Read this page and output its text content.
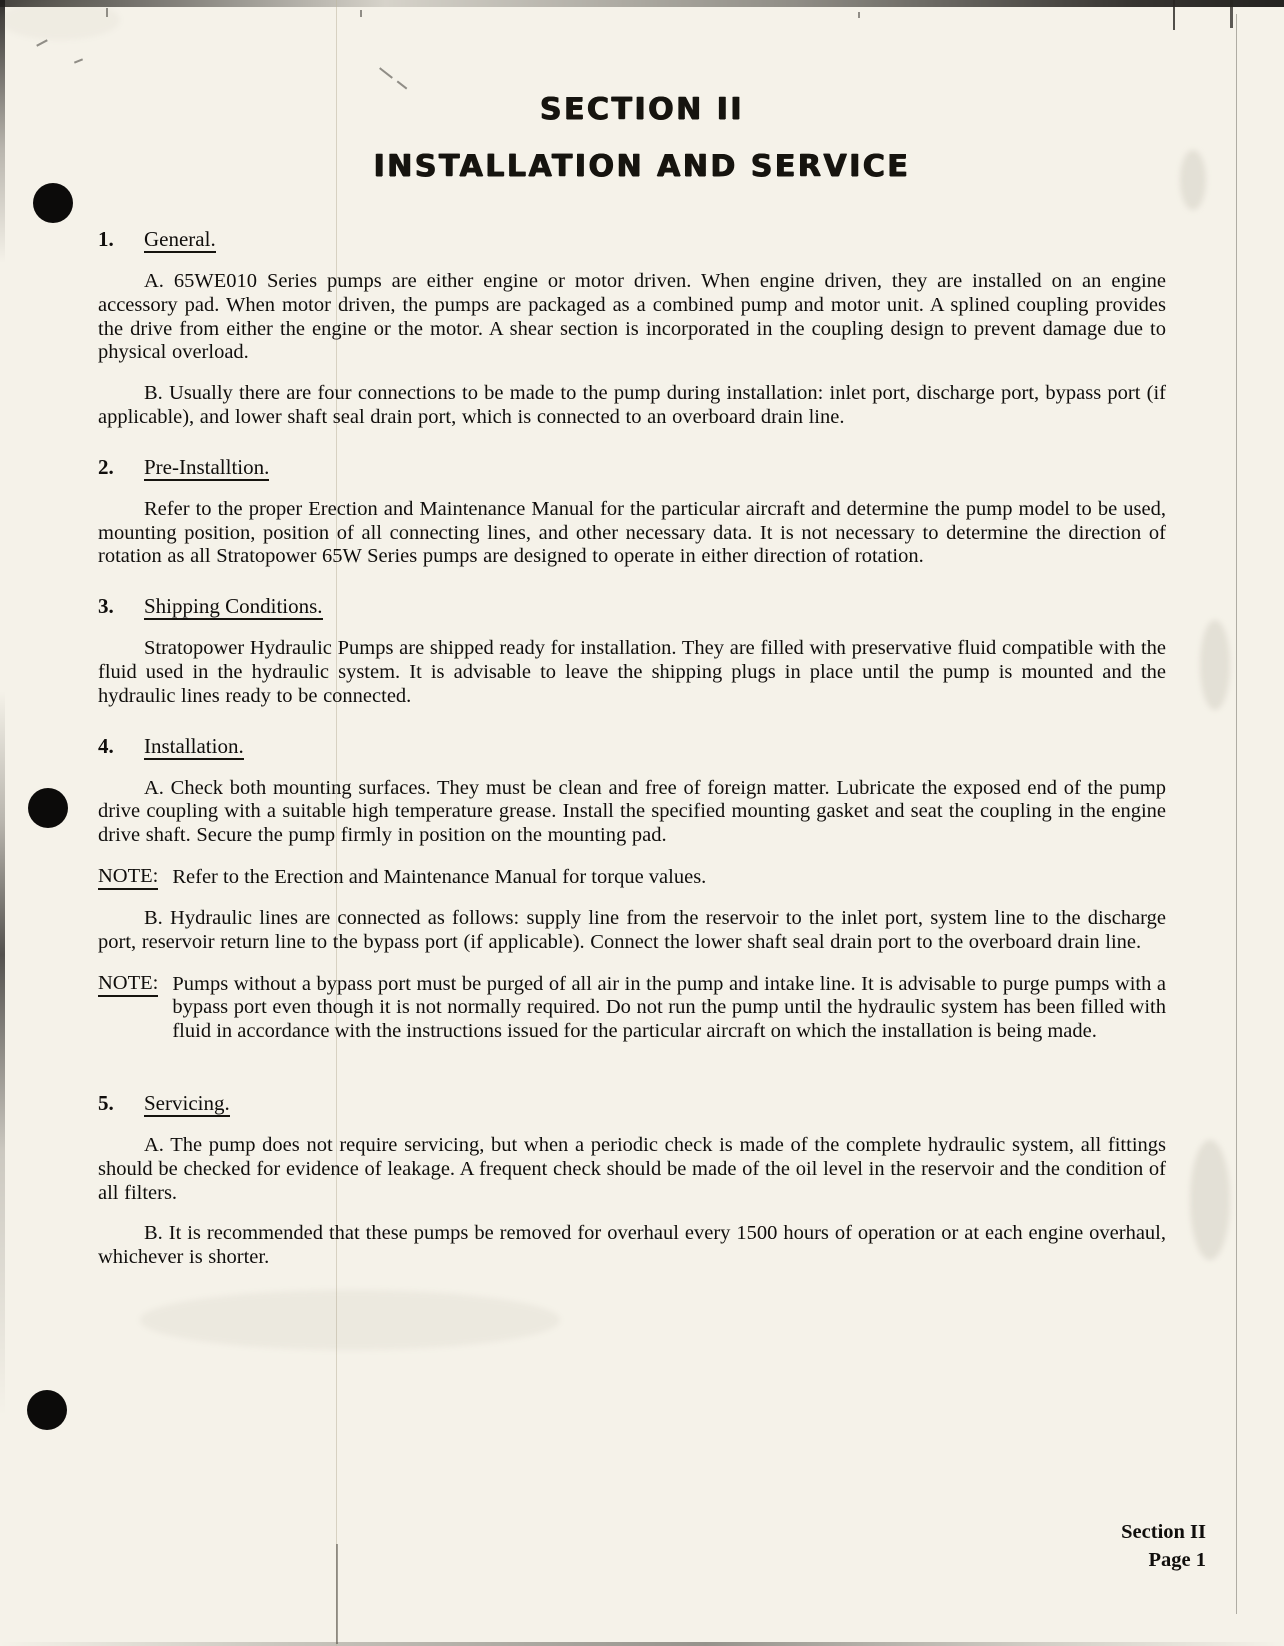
SECTION II
INSTALLATION AND SERVICE
1.	General.

A. 65WE010 Series pumps are either engine or motor driven. When engine driven, they are installed on an engine accessory pad. When motor driven, the pumps are packaged as a combined pump and motor unit. A splined coupling provides the drive from either the engine or the motor. A shear section is incorporated in the coupling design to prevent damage due to physical overload.

B. Usually there are four connections to be made to the pump during installation: inlet port, discharge port, bypass port (if applicable), and lower shaft seal drain port, which is connected to an overboard drain line.

2.	Pre-Installtion.

Refer to the proper Erection and Maintenance Manual for the particular aircraft and determine the pump model to be used, mounting position, position of all connecting lines, and other necessary data. It is not necessary to determine the direction of rotation as all Stratopower 65W Series pumps are designed to operate in either direction of rotation.

3.	Shipping Conditions.

Stratopower Hydraulic Pumps are shipped ready for installation. They are filled with preservative fluid compatible with the fluid used in the hydraulic system. It is advisable to leave the shipping plugs in place until the pump is mounted and the hydraulic lines ready to be connected.

4.	Installation.

A. Check both mounting surfaces. They must be clean and free of foreign matter. Lubricate the exposed end of the pump drive coupling with a suitable high temperature grease. Install the specified mounting gasket and seat the coupling in the engine drive shaft. Secure the pump firmly in position on the mounting pad.

NOTE: Refer to the Erection and Maintenance Manual for torque values.

B. Hydraulic lines are connected as follows: supply line from the reservoir to the inlet port, system line to the discharge port, reservoir return line to the bypass port (if applicable). Connect the lower shaft seal drain port to the overboard drain line.

NOTE: Pumps without a bypass port must be purged of all air in the pump and intake line. It is advisable to purge pumps with a bypass port even though it is not normally required. Do not run the pump until the hydraulic system has been filled with fluid in accordance with the instructions issued for the particular aircraft on which the installation is being made.
5.	Servicing.

A. The pump does not require servicing, but when a periodic check is made of the complete hydraulic system, all fittings should be checked for evidence of leakage. A frequent check should be made of the oil level in the reservoir and the condition of all filters.

B. It is recommended that these pumps be removed for overhaul every 1500 hours of operation or at each engine overhaul, whichever is shorter.

Section II
Page 1
